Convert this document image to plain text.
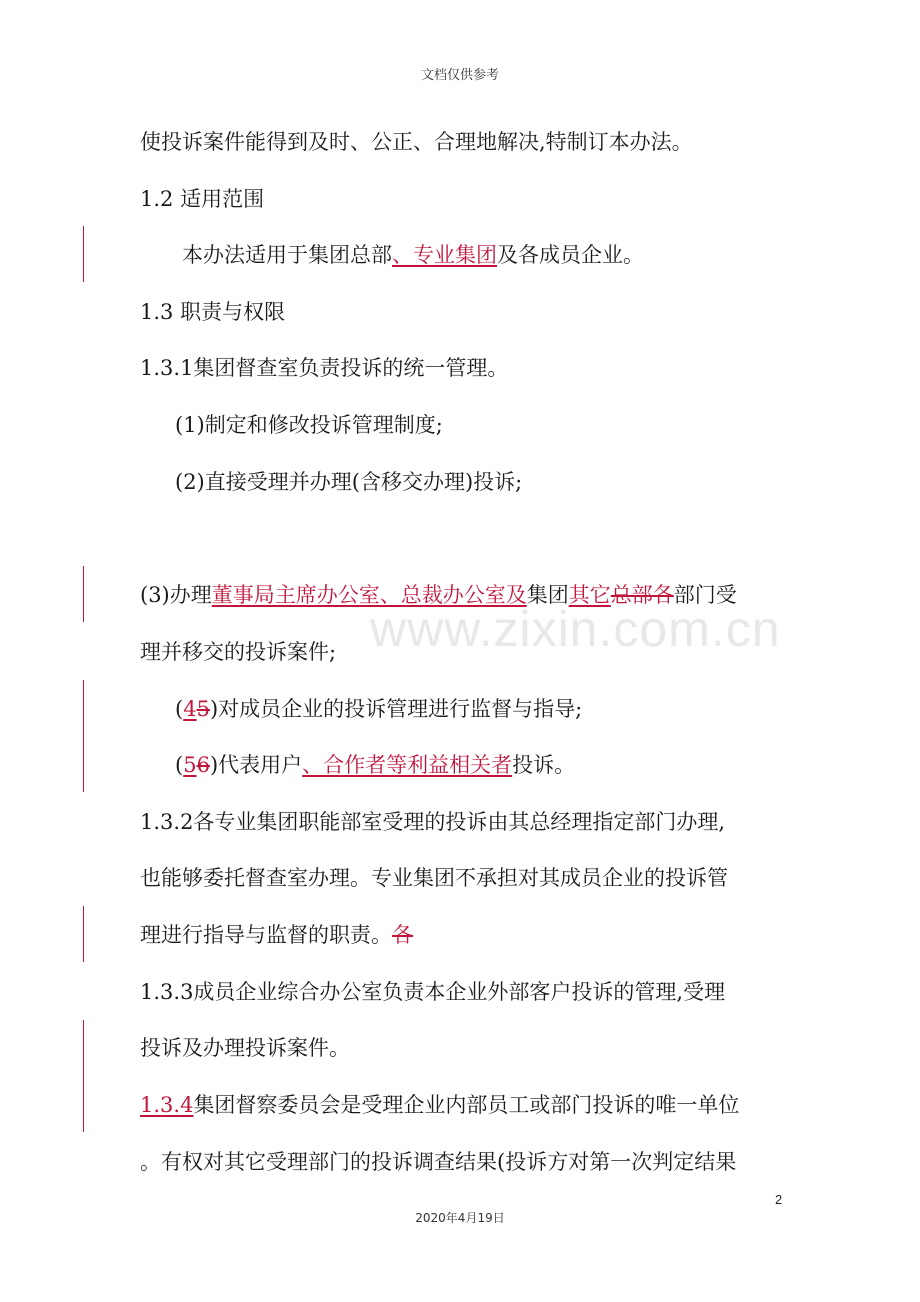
文档仅供参考
www.zixin.com.cn
使投诉案件能得到及时、公正、合理地解决,特制订本办法。
1.2 适用范围
本办法适用于集团总部、专业集团及各成员企业。
1.3 职责与权限
1.3.1集团督查室负责投诉的统一管理。
(1)制定和修改投诉管理制度;
(2)直接受理并办理(含移交办理)投诉;
(3)办理董事局主席办公室、总裁办公室及集团其它总部各部门受
理并移交的投诉案件;
(45)对成员企业的投诉管理进行监督与指导;
(56)代表用户、合作者等利益相关者投诉。
1.3.2各专业集团职能部室受理的投诉由其总经理指定部门办理,
也能够委托督查室办理。专业集团不承担对其成员企业的投诉管
理进行指导与监督的职责。各
1.3.3成员企业综合办公室负责本企业外部客户投诉的管理,受理
投诉及办理投诉案件。
1.3.4集团督察委员会是受理企业内部员工或部门投诉的唯一单位
。有权对其它受理部门的投诉调查结果(投诉方对第一次判定结果
2
2020年4月19日
